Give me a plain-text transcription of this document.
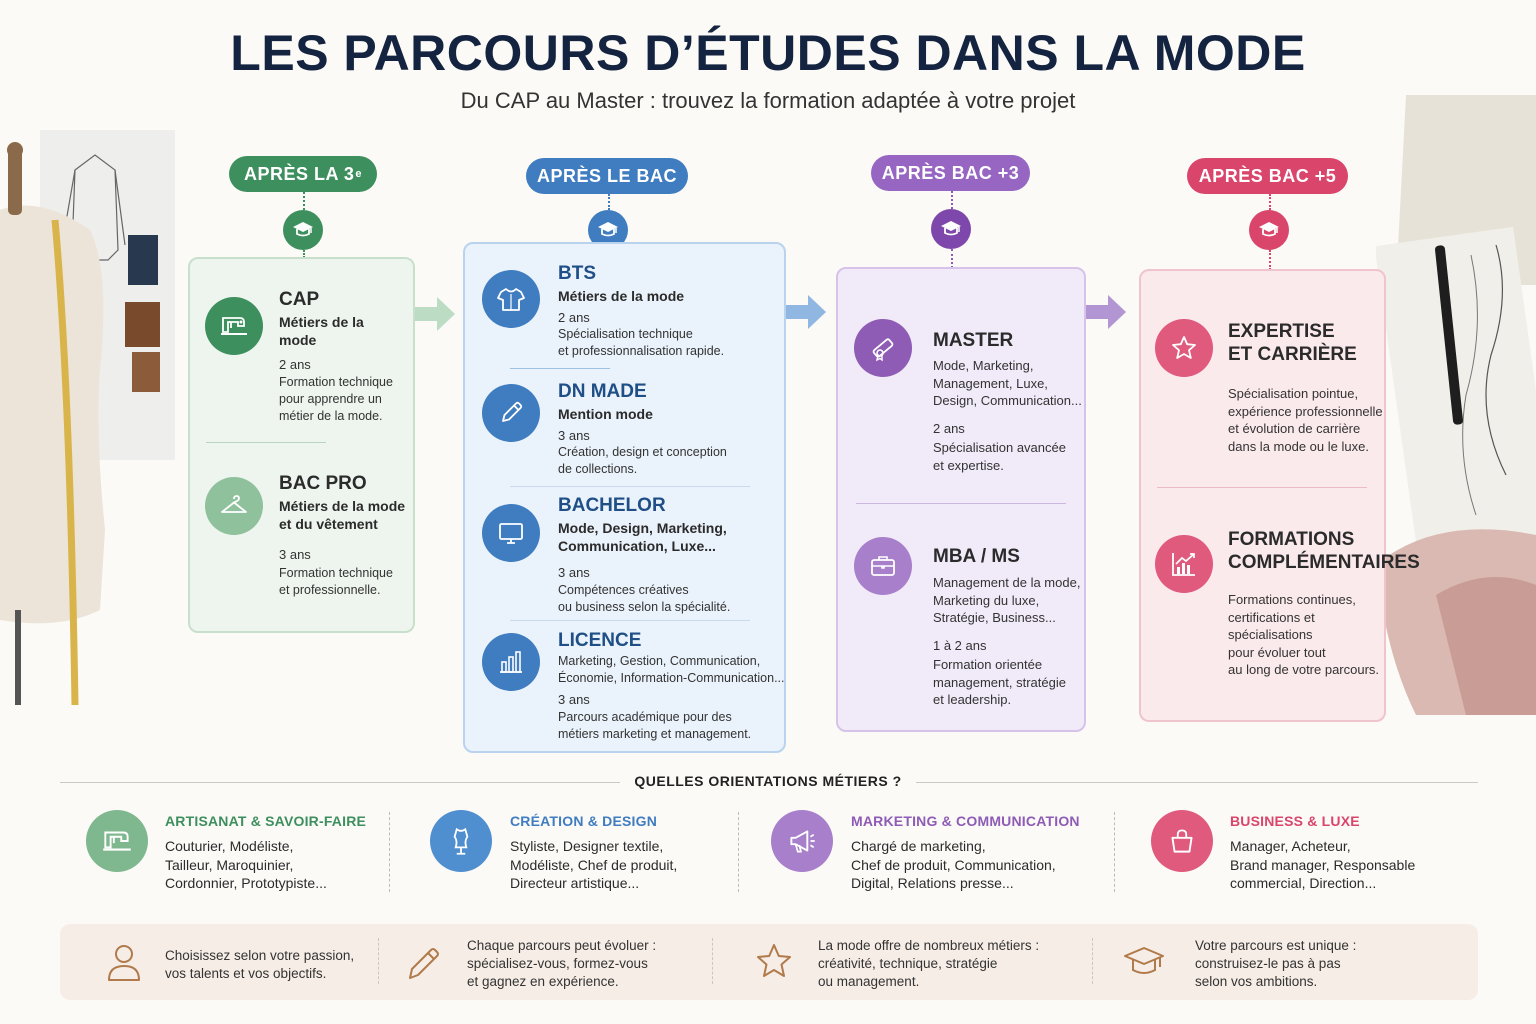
LES PARCOURS D’ÉTUDES DANS LA MODE
Du CAP au Master : trouvez la formation adaptée à votre projet
APRÈS LA 3 e
CAP
Métiers de la
mode
2 ans
Formation technique
pour apprendre un
métier de la mode.
BAC PRO
Métiers de la mode
et du vêtement
3 ans
Formation technique
et professionnelle.
APRÈS LE BAC
BTS
Métiers de la mode
2 ans
Spécialisation technique
et professionnalisation rapide.
DN MADE
Mention mode
3 ans
Création, design et conception
de collections.
BACHELOR
Mode, Design, Marketing,
Communication, Luxe...
3 ans
Compétences créatives
ou business selon la spécialité.
LICENCE
Marketing, Gestion, Communication,
Économie, Information-Communication...
3 ans
Parcours académique pour des
métiers marketing et management.
APRÈS BAC +3
MASTER
Mode, Marketing,
Management, Luxe,
Design, Communication...
2 ans
Spécialisation avancée
et expertise.
MBA / MS
Management de la mode,
Marketing du luxe,
Stratégie, Business...
1 à 2 ans
Formation orientée
management, stratégie
et leadership.
APRÈS BAC +5
EXPERTISE
ET CARRIÈRE
Spécialisation pointue,
expérience professionnelle
et évolution de carrière
dans la mode ou le luxe.
FORMATIONS
COMPLÉMENTAIRES
Formations continues,
certifications et
spécialisations
pour évoluer tout
au long de votre parcours.
QUELLES ORIENTATIONS MÉTIERS ?
ARTISANAT & SAVOIR-FAIRE
Couturier, Modéliste,
Tailleur, Maroquinier,
Cordonnier, Prototypiste...
CRÉATION & DESIGN
Styliste, Designer textile,
Modéliste, Chef de produit,
Directeur artistique...
MARKETING & COMMUNICATION
Chargé de marketing,
Chef de produit, Communication,
Digital, Relations presse...
BUSINESS & LUXE
Manager, Acheteur,
Brand manager, Responsable
commercial, Direction...
Choisissez selon votre passion,
vos talents et vos objectifs.
Chaque parcours peut évoluer :
spécialisez-vous, formez-vous
et gagnez en expérience.
La mode offre de nombreux métiers :
créativité, technique, stratégie
ou management.
Votre parcours est unique :
construisez-le pas à pas
selon vos ambitions.
